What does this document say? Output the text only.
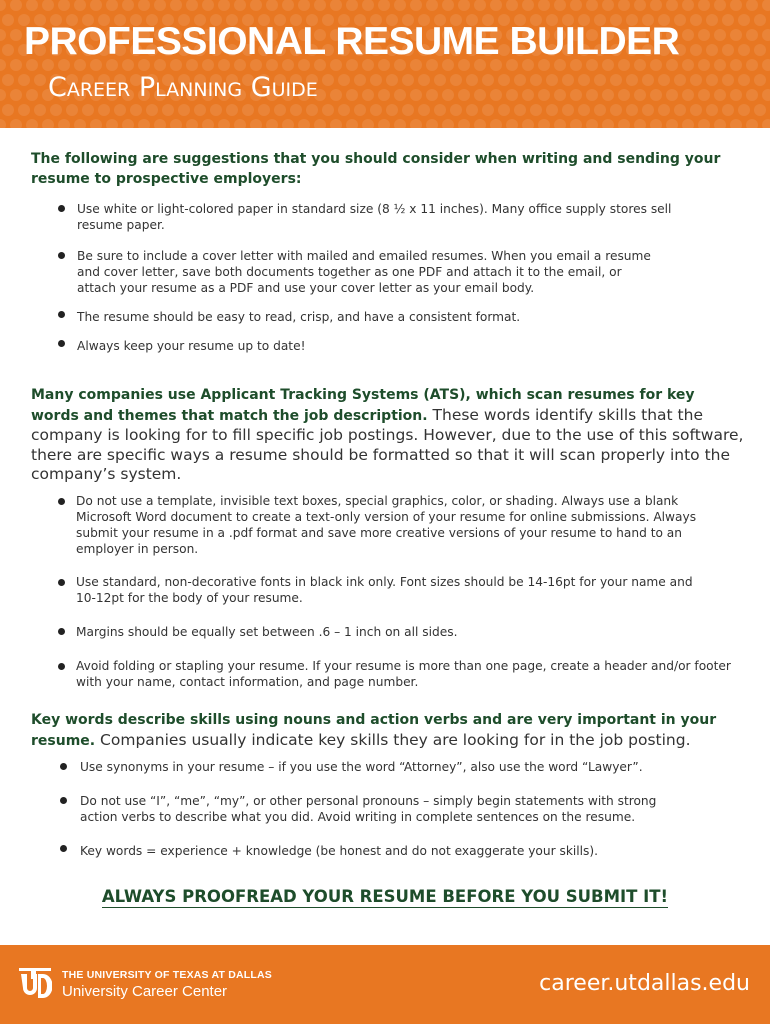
PROFESSIONAL RESUME BUILDER
Career Planning Guide

The following are suggestions that you should consider when writing and sending your resume to prospective employers:

Use white or light-colored paper in standard size (8 ½ x 11 inches). Many office supply stores sell resume paper.

Be sure to include a cover letter with mailed and emailed resumes. When you email a resume and cover letter, save both documents together as one PDF and attach it to the email, or attach your resume as a PDF and use your cover letter as your email body.

The resume should be easy to read, crisp, and have a consistent format.

Always keep your resume up to date!

Many companies use Applicant Tracking Systems (ATS), which scan resumes for key words and themes that match the job description. These words identify skills that the company is looking for to fill specific job postings. However, due to the use of this software, there are specific ways a resume should be formatted so that it will scan properly into the company’s system.

Do not use a template, invisible text boxes, special graphics, color, or shading. Always use a blank Microsoft Word document to create a text-only version of your resume for online submissions. Always submit your resume in a .pdf format and save more creative versions of your resume to hand to an employer in person.

Use standard, non-decorative fonts in black ink only. Font sizes should be 14-16pt for your name and 10-12pt for the body of your resume.

Margins should be equally set between .6 – 1 inch on all sides.

Avoid folding or stapling your resume. If your resume is more than one page, create a header and/or footer with your name, contact information, and page number.

Key words describe skills using nouns and action verbs and are very important in your resume. Companies usually indicate key skills they are looking for in the job posting.

Use synonyms in your resume – if you use the word “Attorney”, also use the word “Lawyer”.

Do not use “I”, “me”, “my”, or other personal pronouns – simply begin statements with strong action verbs to describe what you did. Avoid writing in complete sentences on the resume.

Key words = experience + knowledge (be honest and do not exaggerate your skills).

ALWAYS PROOFREAD YOUR RESUME BEFORE YOU SUBMIT IT!

UTD

THE UNIVERSITY OF TEXAS AT DALLAS

University Career Center	career.utdallas.edu
